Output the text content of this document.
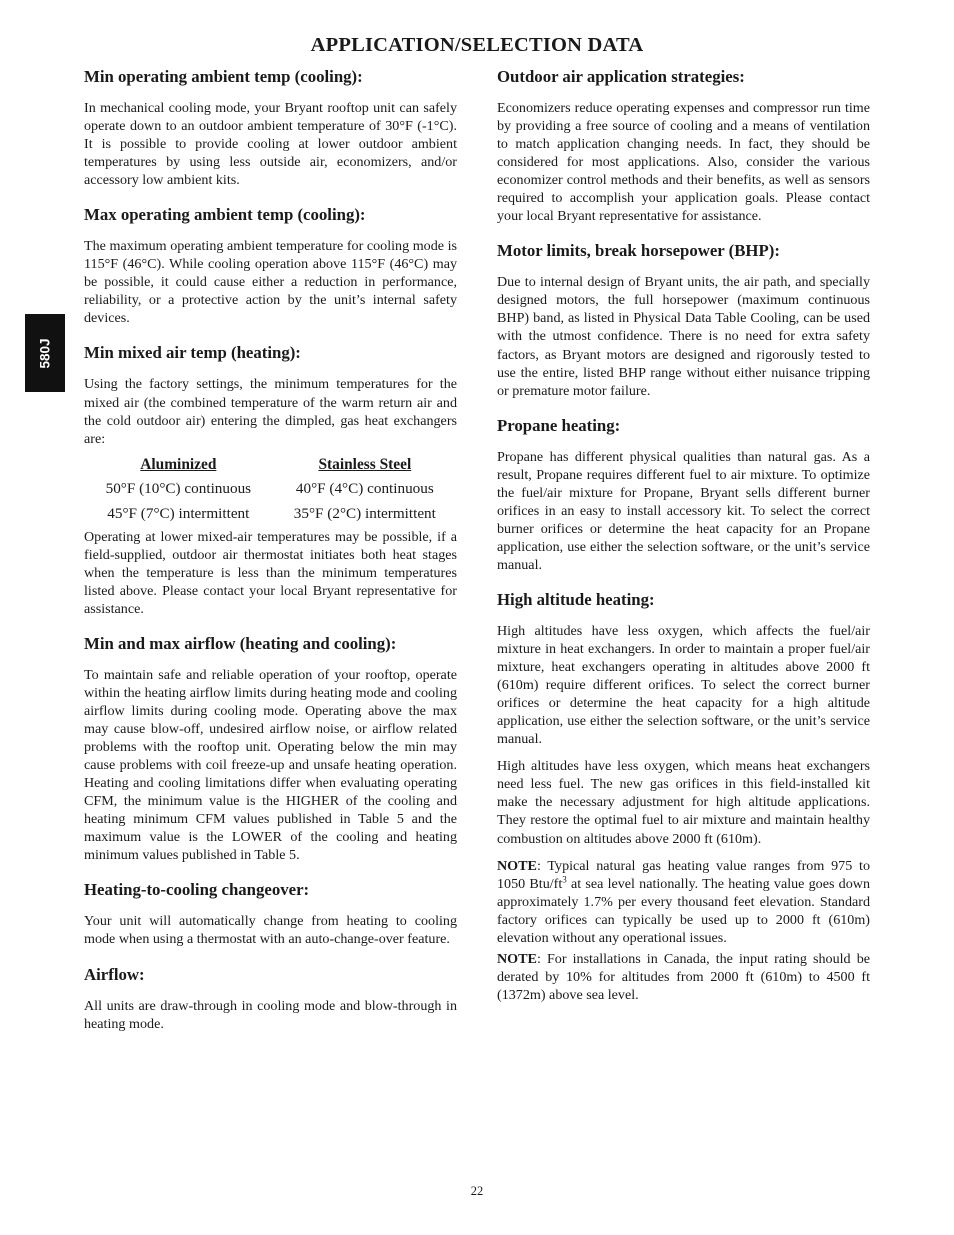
APPLICATION/SELECTION DATA
580J
Min operating ambient temp (cooling):

In mechanical cooling mode, your Bryant rooftop unit can safely operate down to an outdoor ambient temperature of 30°F (-1°C). It is possible to provide cooling at lower outdoor ambient temperatures by using less outside air, economizers, and/or accessory low ambient kits.

Max operating ambient temp (cooling):

The maximum operating ambient temperature for cooling mode is 115°F (46°C). While cooling operation above 115°F (46°C) may be possible, it could cause either a reduction in performance, reliability, or a protective action by the unit’s internal safety devices.

Min mixed air temp (heating):

Using the factory settings, the minimum temperatures for the mixed air (the combined temperature of the warm return air and the cold outdoor air) entering the dimpled, gas heat exchangers are:

Aluminized	Stainless Steel
50°F (10°C) continuous	40°F (4°C) continuous
45°F (7°C) intermittent	35°F (2°C) intermittent

Operating at lower mixed-air temperatures may be possible, if a field-supplied, outdoor air thermostat initiates both heat stages when the temperature is less than the minimum temperatures listed above. Please contact your local Bryant representative for assistance.

Min and max airflow (heating and cooling):

To maintain safe and reliable operation of your rooftop, operate within the heating airflow limits during heating mode and cooling airflow limits during cooling mode. Operating above the max may cause blow-off, undesired airflow noise, or airflow related problems with the rooftop unit. Operating below the min may cause problems with coil freeze-up and unsafe heating operation. Heating and cooling limitations differ when evaluating operating CFM, the minimum value is the HIGHER of the cooling and heating minimum CFM values published in Table 5 and the maximum value is the LOWER of the cooling and heating minimum values published in Table 5.

Heating-to-cooling changeover:

Your unit will automatically change from heating to cooling mode when using a thermostat with an auto-change-over feature.

Airflow:

All units are draw-through in cooling mode and blow-through in heating mode.

Outdoor air application strategies:

Economizers reduce operating expenses and compressor run time by providing a free source of cooling and a means of ventilation to match application changing needs. In fact, they should be considered for most applications. Also, consider the various economizer control methods and their benefits, as well as sensors required to accomplish your application goals. Please contact your local Bryant representative for assistance.

Motor limits, break horsepower (BHP):

Due to internal design of Bryant units, the air path, and specially designed motors, the full horsepower (maximum continuous BHP) band, as listed in Physical Data Table Cooling, can be used with the utmost confidence. There is no need for extra safety factors, as Bryant motors are designed and rigorously tested to use the entire, listed BHP range without either nuisance tripping or premature motor failure.

Propane heating:

Propane has different physical qualities than natural gas. As a result, Propane requires different fuel to air mixture. To optimize the fuel/air mixture for Propane, Bryant sells different burner orifices in an easy to install accessory kit. To select the correct burner orifices or determine the heat capacity for an Propane application, use either the selection software, or the unit’s service manual.

High altitude heating:

High altitudes have less oxygen, which affects the fuel/air mixture in heat exchangers. In order to maintain a proper fuel/air mixture, heat exchangers operating in altitudes above 2000 ft (610m) require different orifices. To select the correct burner orifices or determine the heat capacity for a high altitude application, use either the selection software, or the unit’s service manual.

High altitudes have less oxygen, which means heat exchangers need less fuel. The new gas orifices in this field-installed kit make the necessary adjustment for high altitude applications. They restore the optimal fuel to air mixture and maintain healthy combustion on altitudes above 2000 ft (610m).

NOTE: Typical natural gas heating value ranges from 975 to 1050 Btu/$ft^3$ at sea level nationally. The heating value goes down approximately 1.7% per every thousand feet elevation. Standard factory orifices can typically be used up to 2000 ft (610m) elevation without any operational issues.

NOTE: For installations in Canada, the input rating should be derated by 10% for altitudes from 2000 ft (610m) to 4500 ft (1372m) above sea level.

22
